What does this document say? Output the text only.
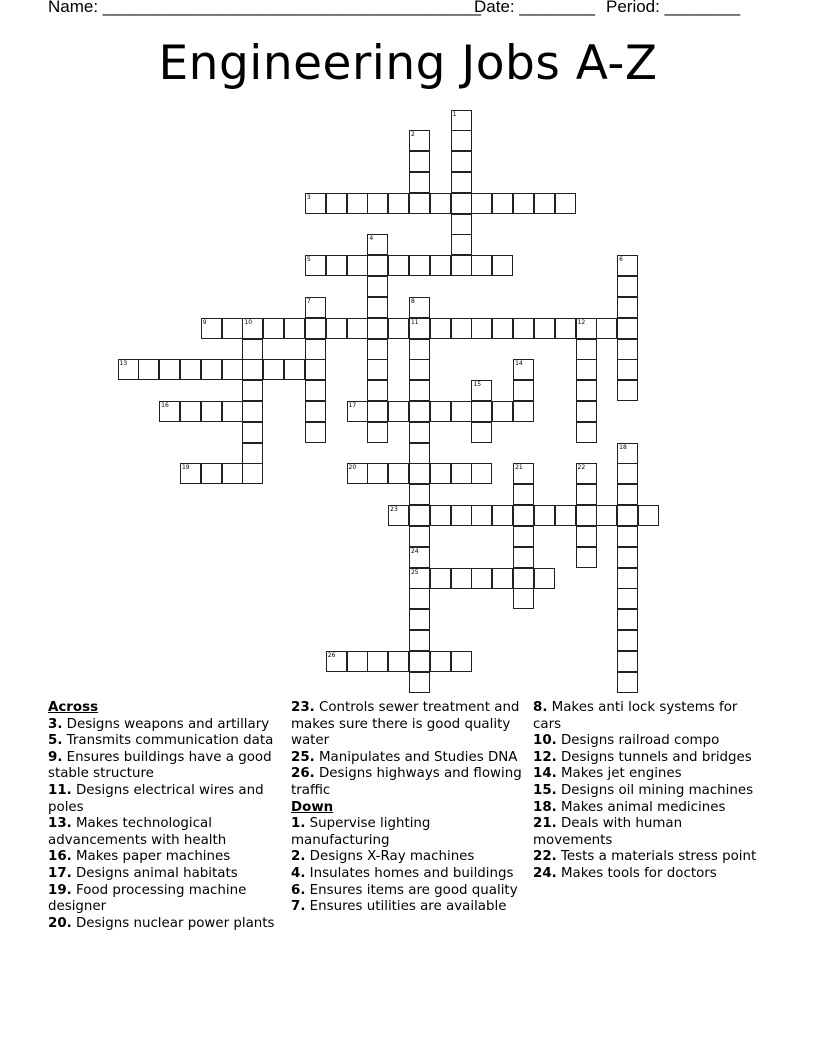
Name: ________________________________________
Date: ________ Period: ________
Engineering Jobs A-Z
1
2
3
4
5	6
7	8
9	10	11	12
13	14
15
16	17
18
19	20	21	22
23
24
25
26
Across
3. Designs weapons and artillary
5. Transmits communication data
9. Ensures buildings have a good stable structure
11. Designs electrical wires and poles
13. Makes technological advancements with health
16. Makes paper machines
17. Designs animal habitats
19. Food processing machine designer
20. Designs nuclear power plants
23. Controls sewer treatment and makes sure there is good quality water
25. Manipulates and Studies DNA
26. Designs highways and flowing traffic
Down
1. Supervise lighting manufacturing
2. Designs X-Ray machines
4. Insulates homes and buildings
6. Ensures items are good quality
7. Ensures utilities are available
8. Makes anti lock systems for cars
10. Designs railroad compo
12. Designs tunnels and bridges
14. Makes jet engines
15. Designs oil mining machines
18. Makes animal medicines
21. Deals with human movements
22. Tests a materials stress point
24. Makes tools for doctors
